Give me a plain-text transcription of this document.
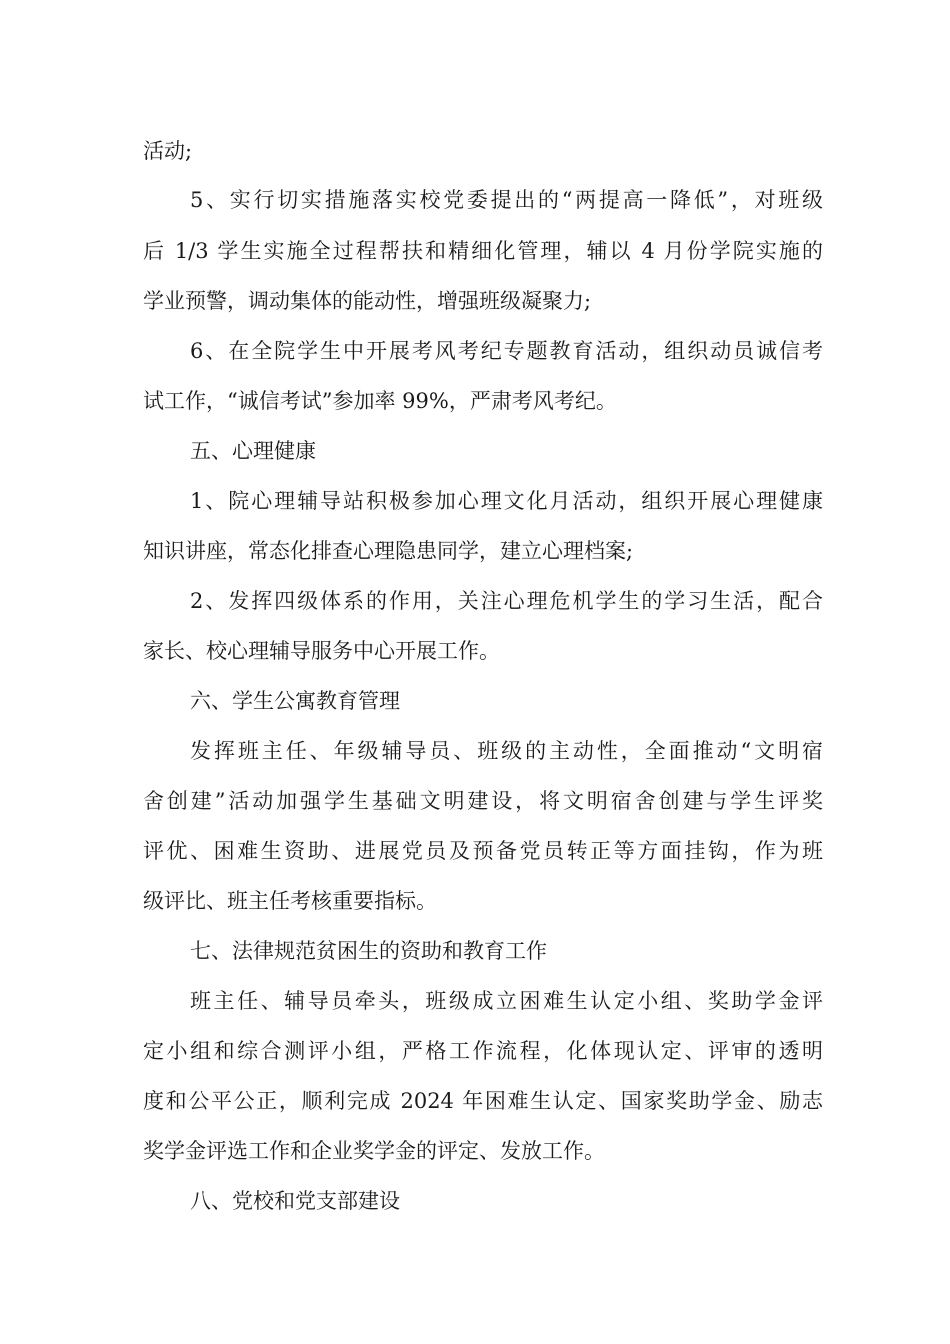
活动;
5、实行切实措施落实校党委提出的“两提高一降低”，对班级
后 1/3 学生实施全过程帮扶和精细化管理，辅以 4 月份学院实施的
学业预警，调动集体的能动性，增强班级凝聚力;
6、在全院学生中开展考风考纪专题教育活动，组织动员诚信考
试工作，“诚信考试”参加率 99%，严肃考风考纪。
五、心理健康
1、院心理辅导站积极参加心理文化月活动，组织开展心理健康
知识讲座，常态化排查心理隐患同学，建立心理档案;
2、发挥四级体系的作用，关注心理危机学生的学习生活，配合
家长、校心理辅导服务中心开展工作。
六、学生公寓教育管理
发挥班主任、年级辅导员、班级的主动性，全面推动“文明宿
舍创建”活动加强学生基础文明建设，将文明宿舍创建与学生评奖
评优、困难生资助、进展党员及预备党员转正等方面挂钩，作为班
级评比、班主任考核重要指标。
七、法律规范贫困生的资助和教育工作
班主任、辅导员牵头，班级成立困难生认定小组、奖助学金评
定小组和综合测评小组，严格工作流程，化体现认定、评审的透明
度和公平公正，顺利完成 2024 年困难生认定、国家奖助学金、励志
奖学金评选工作和企业奖学金的评定、发放工作。
八、党校和党支部建设
